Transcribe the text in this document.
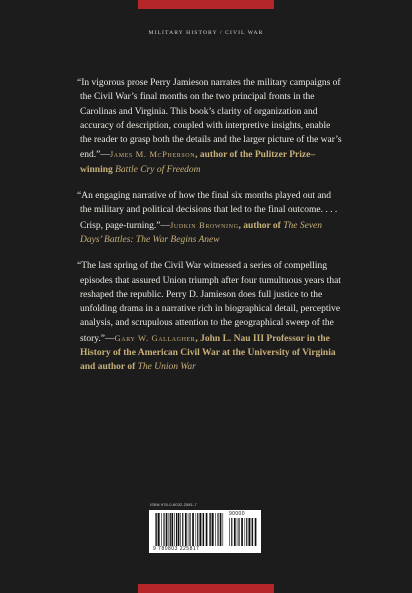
MILITARY HISTORY / CIVIL WAR

“In vigorous prose Perry Jamieson narrates the military campaigns of the Civil War’s final months on the two principal fronts in the Carolinas and Virginia. This book’s clarity of organization and accuracy of description, coupled with interpretive insights, enable the reader to grasp both the details and the larger picture of the war’s end.”—James M. McPherson, author of the Pulitzer Prize–winning Battle Cry of Freedom

“An engaging narrative of how the final six months played out and the military and political decisions that led to the final outcome. . . . Crisp, page-turning.”—Judkin Browning, author of The Seven Days’ Battles: The War Begins Anew

“The last spring of the Civil War witnessed a series of compelling episodes that assured Union triumph after four tumultuous years that reshaped the republic. Perry D. Jamieson does full justice to the unfolding drama in a narrative rich in biographical detail, perceptive analysis, and scrupulous attention to the geographical sweep of the story.”—Gary W. Gallagher, John L. Nau III Professor in the History of the American Civil War at the University of Virginia and author of The Union War

ISBN 978-0-8032-2581-7
90000
9 780803 225817
